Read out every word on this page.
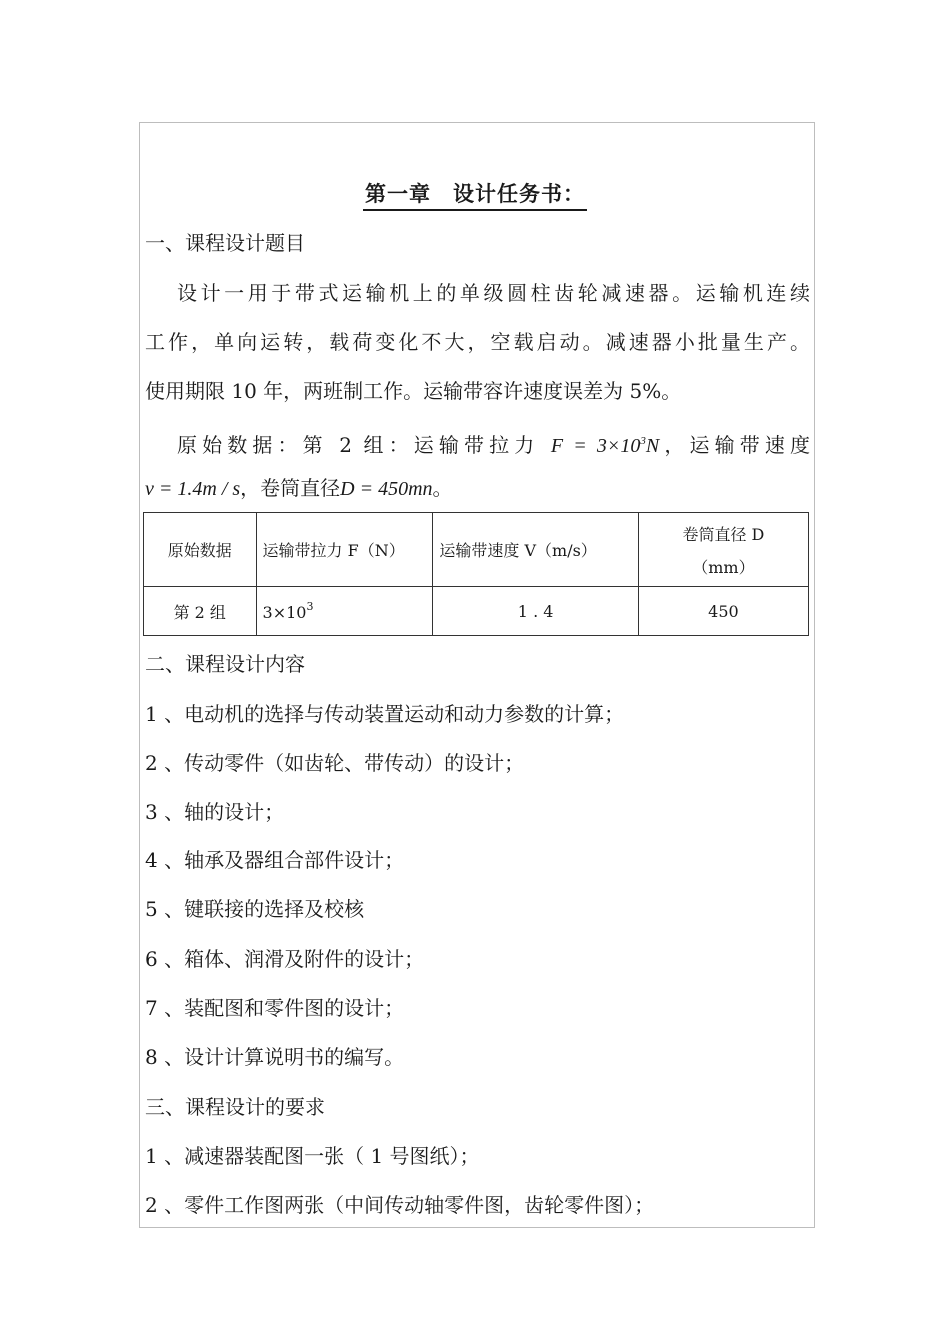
第一章 设计任务书：
一、课程设计题目
设计一用于带式运输机上的单级圆柱齿轮减速器。运输机连续
工作，单向运转，载荷变化不大，空载启动。减速器小批量生产。
使用期限 10 年，两班制工作。运输带容许速度误差为 5%。
原始数据：第 2 组：运输带拉力 $F = 3\times 10^3N$，运输带速度
v = 1.4m / s，卷筒直径D = 450mn。
原始数据	运输带拉力 F（N）	运输带速度 V（m/s）	卷筒直径 D
（mm）

第 2 组	$3\times 10^3$	1 . 4	450
二、课程设计内容
1 、电动机的选择与传动装置运动和动力参数的计算；
2 、传动零件（如齿轮、带传动）的设计；
3 、轴的设计；
4 、轴承及器组合部件设计；
5 、键联接的选择及校核
6 、箱体、润滑及附件的设计；
7 、装配图和零件图的设计；
8 、设计计算说明书的编写。
三、课程设计的要求
1 、减速器装配图一张（ 1 号图纸）；
2 、零件工作图两张（中间传动轴零件图，齿轮零件图）；
